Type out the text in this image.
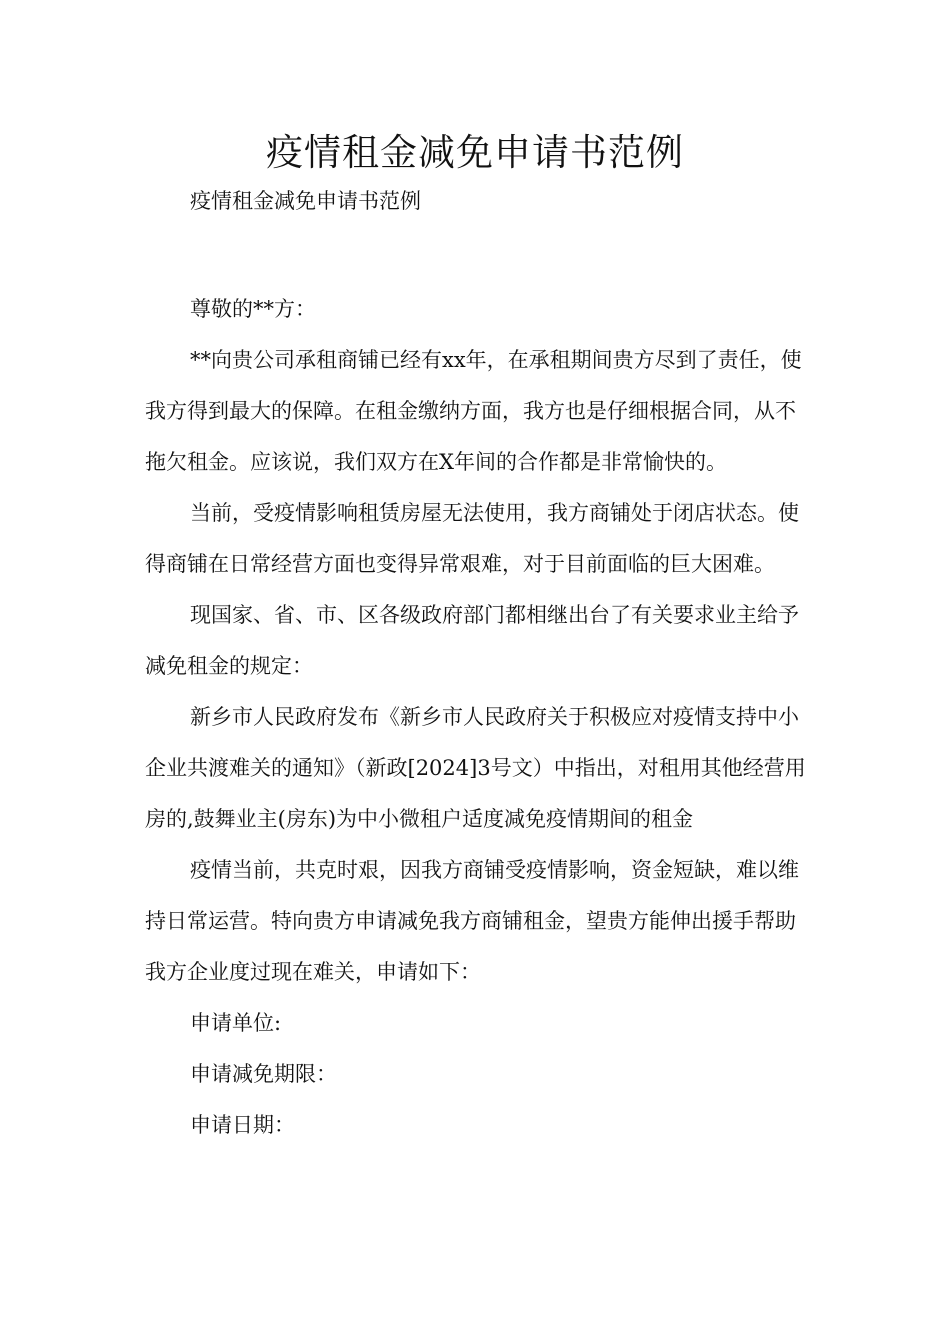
疫情租金减免申请书范例

疫情租金减免申请书范例

尊敬的**方：

**向贵公司承租商铺已经有xx年，在承租期间贵方尽到了责任，使我方得到最大的保障。在租金缴纳方面，我方也是仔细根据合同，从不拖欠租金。应该说，我们双方在X年间的合作都是非常愉快的。

当前，受疫情影响租赁房屋无法使用，我方商铺处于闭店状态。使得商铺在日常经营方面也变得异常艰难，对于目前面临的巨大困难。

现国家、省、市、区各级政府部门都相继出台了有关要求业主给予减免租金的规定：

新乡市人民政府发布《新乡市人民政府关于积极应对疫情支持中小企业共渡难关的通知》（新政[2024]3号文）中指出，对租用其他经营用房的,鼓舞业主(房东)为中小微租户适度减免疫情期间的租金

疫情当前，共克时艰，因我方商铺受疫情影响，资金短缺，难以维持日常运营。特向贵方申请减免我方商铺租金，望贵方能伸出援手帮助我方企业度过现在难关，申请如下：

申请单位:

申请减免期限：

申请日期：
